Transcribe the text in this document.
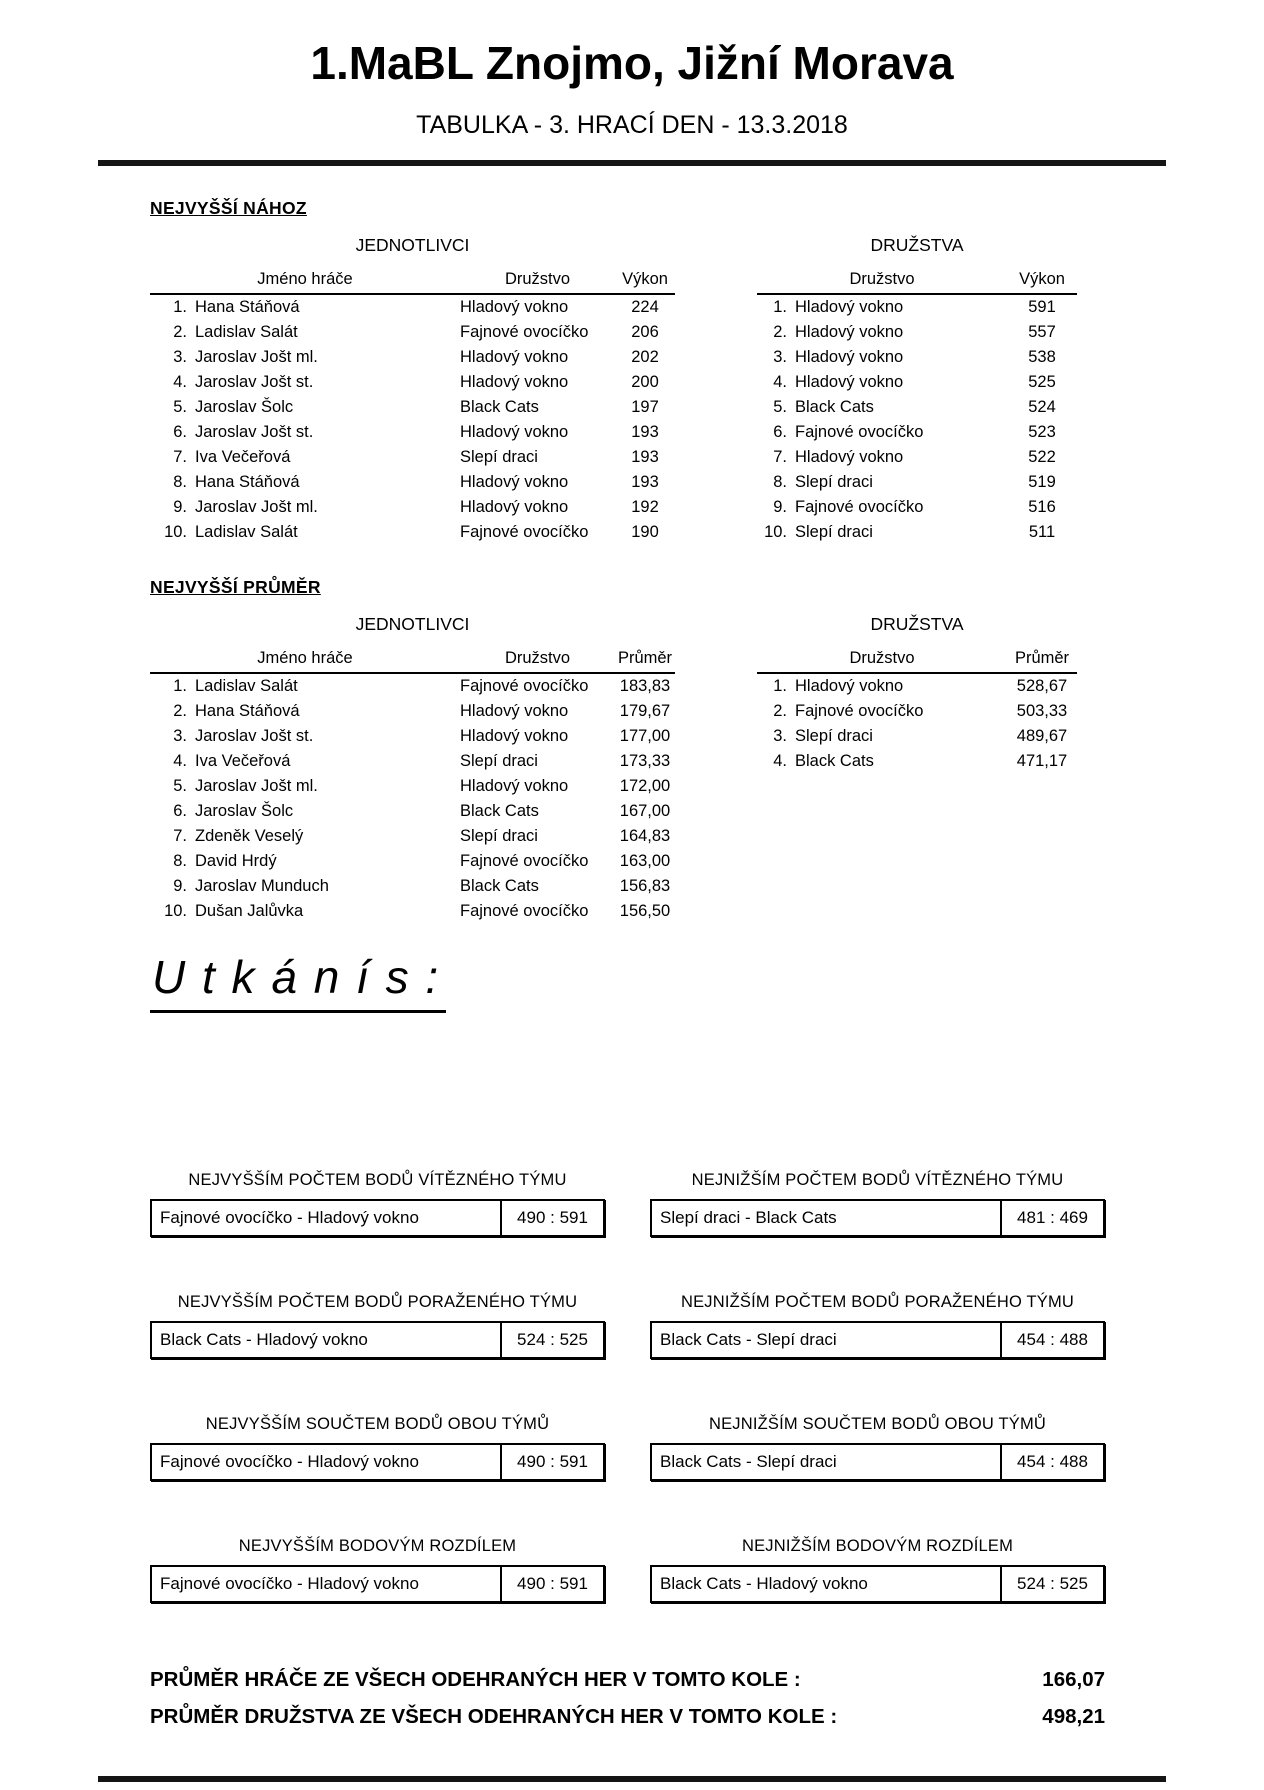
1.MaBL Znojmo, Jižní Morava
TABULKA - 3. HRACÍ DEN - 13.3.2018
NEJVYŠŠÍ NÁHOZ
JEDNOTLIVCI
Jméno hráče	Družstvo	Výkon
1. Hana Stáňová	Hladový vokno	224
2. Ladislav Salát	Fajnové ovocíčko	206
3. Jaroslav Jošt ml.	Hladový vokno	202
4. Jaroslav Jošt st.	Hladový vokno	200
5. Jaroslav Šolc	Black Cats	197
6. Jaroslav Jošt st.	Hladový vokno	193
7. Iva Večeřová	Slepí draci	193
8. Hana Stáňová	Hladový vokno	193
9. Jaroslav Jošt ml.	Hladový vokno	192
10. Ladislav Salát	Fajnové ovocíčko	190
DRUŽSTVA
Družstvo	Výkon
1. Hladový vokno	591
2. Hladový vokno	557
3. Hladový vokno	538
4. Hladový vokno	525
5. Black Cats	524
6. Fajnové ovocíčko	523
7. Hladový vokno	522
8. Slepí draci	519
9. Fajnové ovocíčko	516
10. Slepí draci	511
NEJVYŠŠÍ PRŮMĚR
JEDNOTLIVCI
Jméno hráče	Družstvo	Průměr
1. Ladislav Salát	Fajnové ovocíčko	183,83
2. Hana Stáňová	Hladový vokno	179,67
3. Jaroslav Jošt st.	Hladový vokno	177,00
4. Iva Večeřová	Slepí draci	173,33
5. Jaroslav Jošt ml.	Hladový vokno	172,00
6. Jaroslav Šolc	Black Cats	167,00
7. Zdeněk Veselý	Slepí draci	164,83
8. David Hrdý	Fajnové ovocíčko	163,00
9. Jaroslav Munduch	Black Cats	156,83
10. Dušan Jalůvka	Fajnové ovocíčko	156,50
DRUŽSTVA
Družstvo	Průměr
1. Hladový vokno	528,67
2. Fajnové ovocíčko	503,33
3. Slepí draci	489,67
4. Black Cats	471,17
U t k á n í s :
NEJVYŠŠÍM POČTEM BODŮ VÍTĚZNÉHO TÝMU
Fajnové ovocíčko - Hladový vokno	490 : 591
NEJNIŽŠÍM POČTEM BODŮ VÍTĚZNÉHO TÝMU
Slepí draci - Black Cats	481 : 469
NEJVYŠŠÍM POČTEM BODŮ PORAŽENÉHO TÝMU
Black Cats - Hladový vokno	524 : 525
NEJNIŽŠÍM POČTEM BODŮ PORAŽENÉHO TÝMU
Black Cats - Slepí draci	454 : 488
NEJVYŠŠÍM SOUČTEM BODŮ OBOU TÝMŮ
Fajnové ovocíčko - Hladový vokno	490 : 591
NEJNIŽŠÍM SOUČTEM BODŮ OBOU TÝMŮ
Black Cats - Slepí draci	454 : 488
NEJVYŠŠÍM BODOVÝM ROZDÍLEM
Fajnové ovocíčko - Hladový vokno	490 : 591
NEJNIŽŠÍM BODOVÝM ROZDÍLEM
Black Cats - Hladový vokno	524 : 525
PRŮMĚR HRÁČE ZE VŠECH ODEHRANÝCH HER V TOMTO KOLE :	166,07
PRŮMĚR DRUŽSTVA ZE VŠECH ODEHRANÝCH HER V TOMTO KOLE :	498,21
